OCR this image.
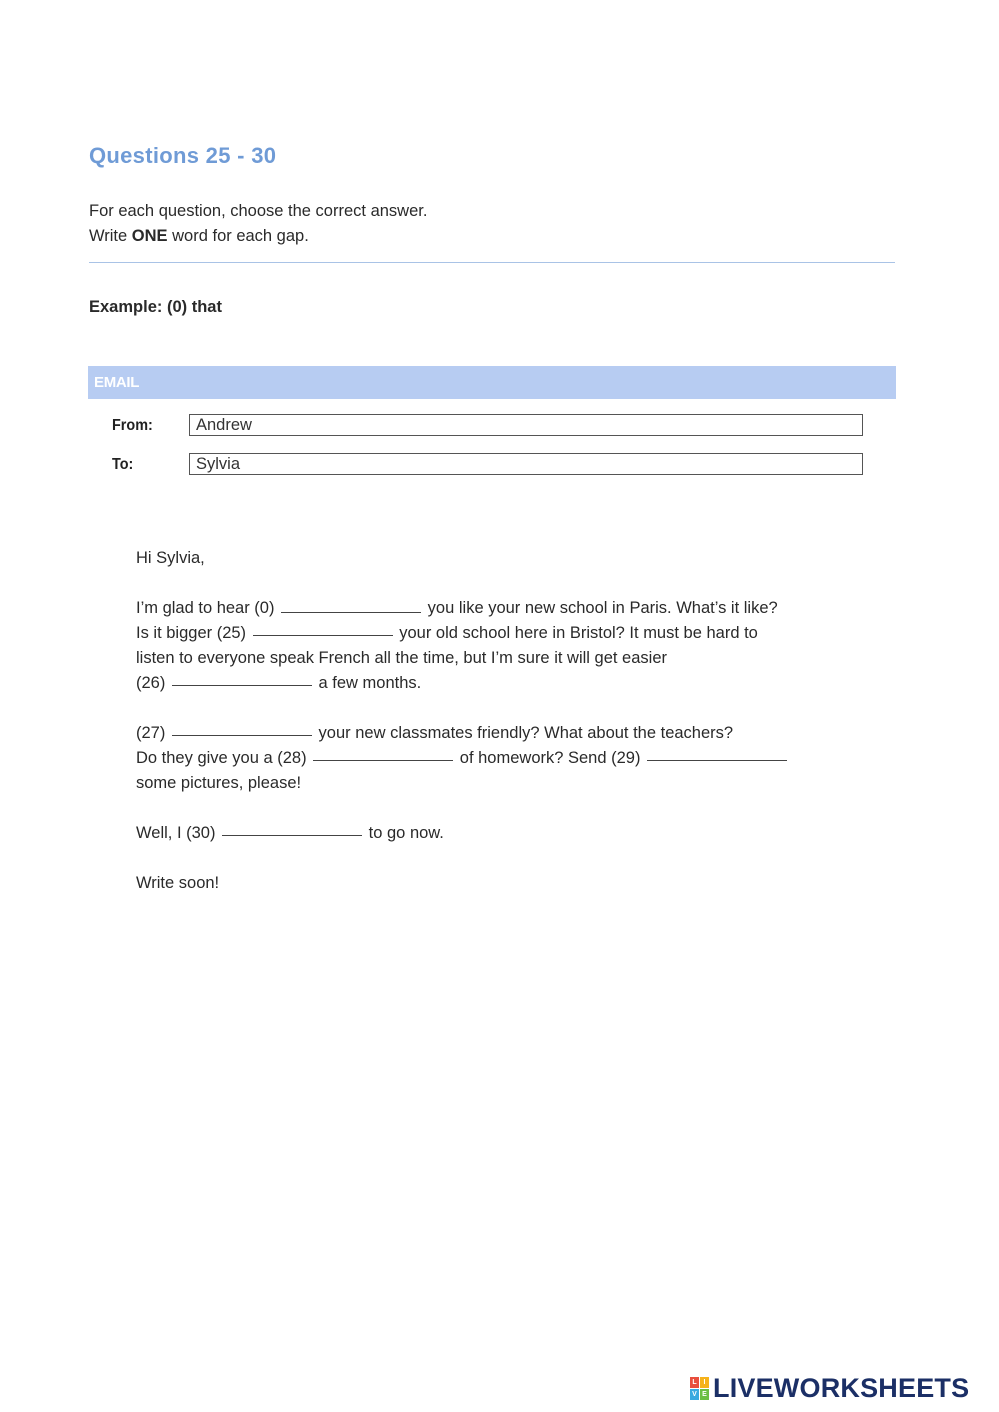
Questions 25 - 30
For each question, choose the correct answer.
Write ONE word for each gap.
Example: (0) that
EMAIL
From:	Andrew
To:	Sylvia

Hi Sylvia,

I’m glad to hear (0)	you like your new school in Paris. What’s it like?
Is it bigger (25)	your old school here in Bristol? It must be hard to
listen to everyone speak French all the time, but I’m sure it will get easier
(26)	a few months.

(27)	your new classmates friendly? What about the teachers?
Do they give you a (28)	of homework? Send (29)
some pictures, please!

Well, I (30)	to go now.

Write soon!

L I
V E LIVEWORKSHEETS
